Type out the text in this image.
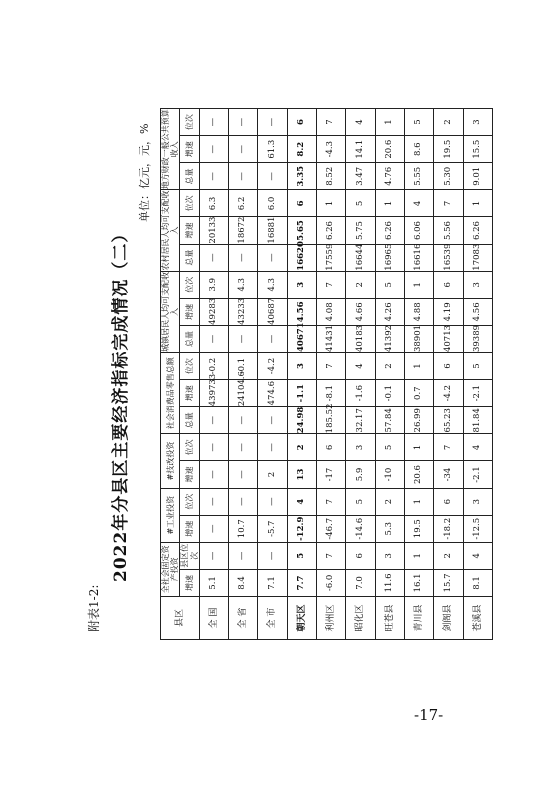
附表1-2:
2022年分县区主要经济指标完成情况（二）
单位：亿元，元，%
县区	全社会固定资产投资		#工业投资		#技改投资		社会消费品零售总额			城镇居民人均可支配收入			农村居民人均可支配收入			地方财政一般公共预算收入		
	增速	县区位次	增速	位次	增速	位次	总量	增速	位次	总量	增速	位次	总量	增速	位次	总量	增速	位次
全 国	5.1	—	—	—	—	—	—	439733	-0.2	—	49283	3.9	—	20133	6.3	—	—	—
全 省	8.4	—	10.7	—	—	—	—	24104.6	-0.1	—	43233	4.3	—	18672	6.2	—	—	—
全 市	7.1	—	-5.7	—	2	—	—	474.6	-4.2	—	40687	4.3	—	16881	6.0	—	61.3	—
朝天区	7.7	5	-12.9	4	13	2	24.98	-1.1	3	40671	4.56	3	16620	5.65	6	3.35	8.2	6
利州区	-6.0	7	-46.7	7	-17	6	185.52	-8.1	7	41431	4.08	7	17559	6.26	1	8.52	-4.3	7
昭化区	7.0	6	-14.6	5	5.9	3	32.17	-1.6	4	40183	4.66	2	16644	5.75	5	3.47	14.1	4
旺苍县	11.6	3	5.3	2	-10	5	57.84	-0.1	2	41392	4.26	5	16965	6.26	1	4.76	20.6	1
青川县	16.1	1	19.5	1	20.6	1	26.99	0.7	1	38901	4.88	1	16616	6.06	4	5.55	8.6	5
剑阁县	15.7	2	-18.2	6	-34	7	65.23	-4.2	6	40713	4.19	6	16539	5.56	7	5.30	19.5	2
苍溪县	8.1	4	-12.5	3	-2.1	4	81.84	-2.1	5	39389	4.56	3	17083	6.26	1	9.01	15.5	3
-17-
